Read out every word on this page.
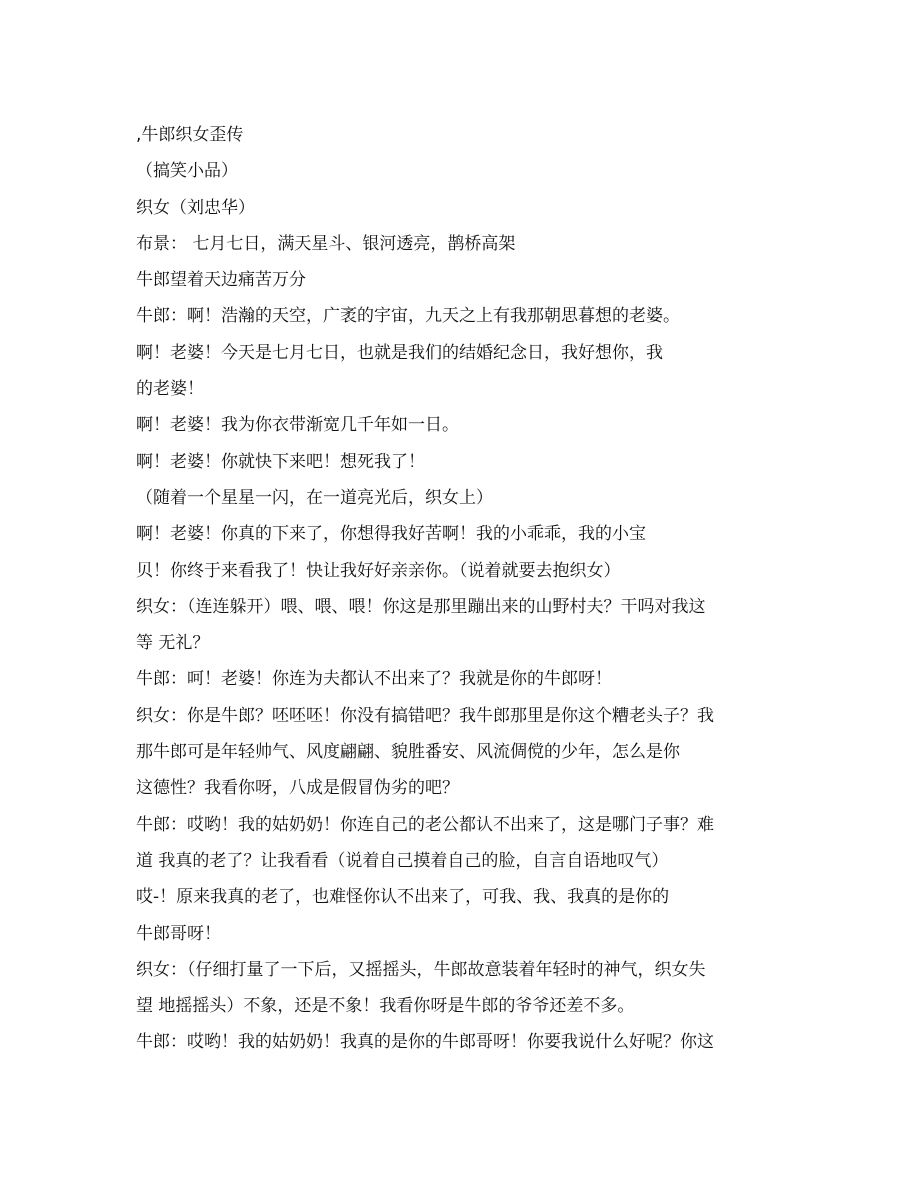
,牛郎织女歪传

（搞笑小品）

织女（刘忠华）

布景： 七月七日，满天星斗、银河透亮，鹊桥高架

牛郎望着天边痛苦万分

牛郎：啊！浩瀚的天空，广袤的宇宙，九天之上有我那朝思暮想的老婆。

啊！老婆！今天是七月七日，也就是我们的结婚纪念日，我好想你，我

的老婆！

啊！老婆！我为你衣带渐宽几千年如一日。

啊！老婆！你就快下来吧！想死我了！

（随着一个星星一闪，在一道亮光后，织女上）

啊！老婆！你真的下来了，你想得我好苦啊！我的小乖乖，我的小宝

贝！你终于来看我了！快让我好好亲亲你。（说着就要去抱织女）

织女：（连连躲开）喂、喂、喂！你这是那里蹦出来的山野村夫？干吗对我这

等 无礼？

牛郎：呵！老婆！你连为夫都认不出来了？我就是你的牛郎呀！

织女：你是牛郎？呸呸呸！你没有搞错吧？我牛郎那里是你这个糟老头子？我

那牛郎可是年轻帅气、风度翩翩、貌胜番安、风流倜傥的少年，怎么是你

这德性？我看你呀，八成是假冒伪劣的吧？

牛郎：哎哟！我的姑奶奶！你连自己的老公都认不出来了，这是哪门子事？难

道 我真的老了？让我看看（说着自己摸着自己的脸，自言自语地叹气）

哎-！原来我真的老了，也难怪你认不出来了，可我、我、我真的是你的

牛郎哥呀！

织女：（仔细打量了一下后，又摇摇头，牛郎故意装着年轻时的神气，织女失

望 地摇摇头）不象，还是不象！我看你呀是牛郎的爷爷还差不多。

牛郎：哎哟！我的姑奶奶！我真的是你的牛郎哥呀！你要我说什么好呢？你这
